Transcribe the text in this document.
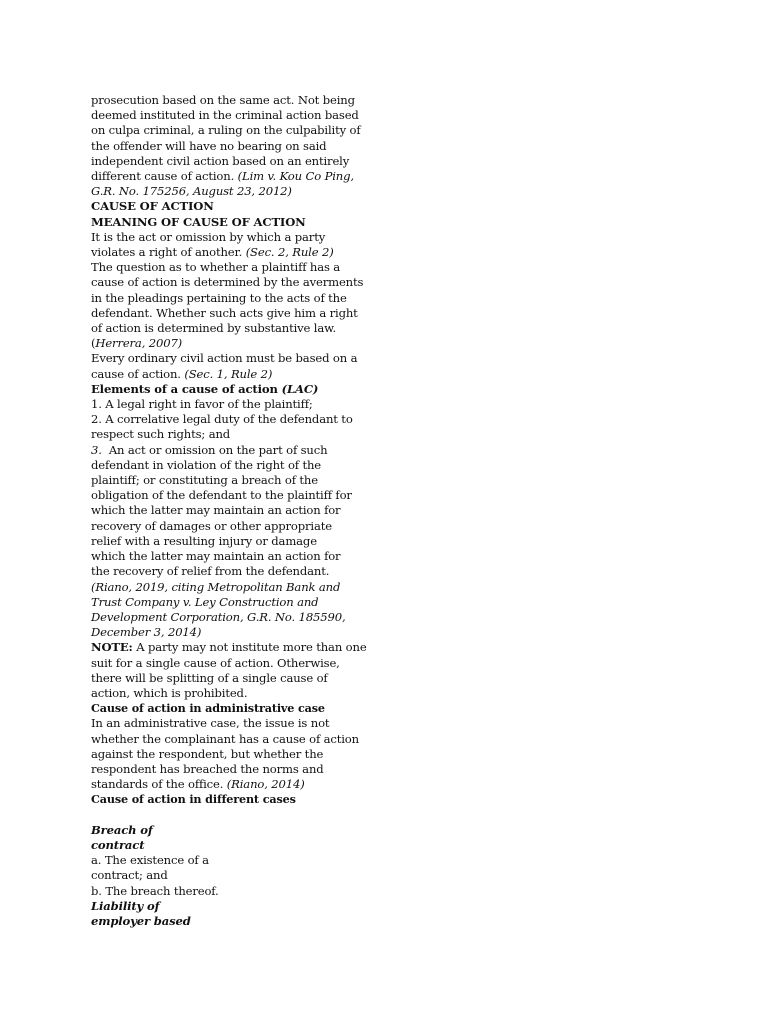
prosecution based on the same act. Not being
deemed instituted in the criminal action based
on culpa criminal, a ruling on the culpability of
the offender will have no bearing on said
independent civil action based on an entirely
different cause of action. (Lim v. Kou Co Ping,
G.R. No. 175256, August 23, 2012)
CAUSE OF ACTION
MEANING OF CAUSE OF ACTION
It is the act or omission by which a party
violates a right of another. (Sec. 2, Rule 2)
The question as to whether a plaintiff has a
cause of action is determined by the averments
in the pleadings pertaining to the acts of the
defendant. Whether such acts give him a right
of action is determined by substantive law.
(Herrera, 2007)
Every ordinary civil action must be based on a
cause of action. (Sec. 1, Rule 2)
Elements of a cause of action (LAC)
1. A legal right in favor of the plaintiff;
2. A correlative legal duty of the defendant to
respect such rights; and
3.  An act or omission on the part of such
defendant in violation of the right of the
plaintiff; or constituting a breach of the
obligation of the defendant to the plaintiff for
which the latter may maintain an action for
recovery of damages or other appropriate
relief with a resulting injury or damage
which the latter may maintain an action for
the recovery of relief from the defendant.
(Riano, 2019, citing Metropolitan Bank and
Trust Company v. Ley Construction and
Development Corporation, G.R. No. 185590,
December 3, 2014)
NOTE: A party may not institute more than one
suit for a single cause of action. Otherwise,
there will be splitting of a single cause of
action, which is prohibited.
Cause of action in administrative case
In an administrative case, the issue is not
whether the complainant has a cause of action
against the respondent, but whether the
respondent has breached the norms and
standards of the office. (Riano, 2014)
Cause of action in different cases
Breach of
contract
a. The existence of a
contract; and
b. The breach thereof.
Liability of
employer based
